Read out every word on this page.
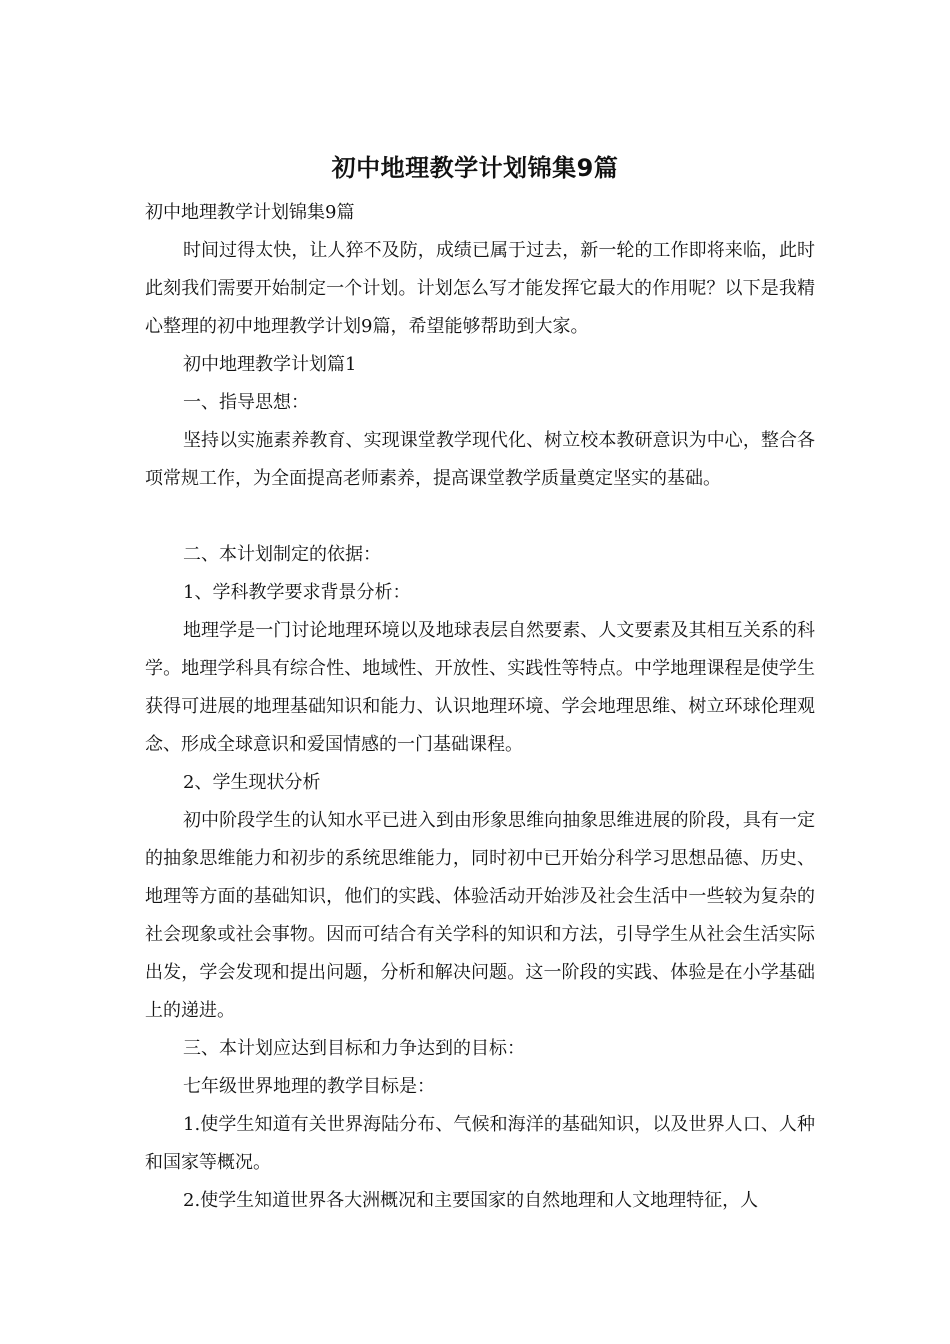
初中地理教学计划锦集9篇

初中地理教学计划锦集9篇

时间过得太快，让人猝不及防，成绩已属于过去，新一轮的工作即将来临，此时此刻我们需要开始制定一个计划。计划怎么写才能发挥它最大的作用呢？以下是我精心整理的初中地理教学计划9篇，希望能够帮助到大家。

初中地理教学计划篇1

一、指导思想：

坚持以实施素养教育、实现课堂教学现代化、树立校本教研意识为中心，整合各项常规工作，为全面提高老师素养，提高课堂教学质量奠定坚实的基础。

二、本计划制定的依据：

1、学科教学要求背景分析：

地理学是一门讨论地理环境以及地球表层自然要素、人文要素及其相互关系的科学。地理学科具有综合性、地域性、开放性、实践性等特点。中学地理课程是使学生获得可进展的地理基础知识和能力、认识地理环境、学会地理思维、树立环球伦理观念、形成全球意识和爱国情感的一门基础课程。

2、学生现状分析

初中阶段学生的认知水平已进入到由形象思维向抽象思维进展的阶段，具有一定的抽象思维能力和初步的系统思维能力，同时初中已开始分科学习思想品德、历史、地理等方面的基础知识，他们的实践、体验活动开始涉及社会生活中一些较为复杂的社会现象或社会事物。因而可结合有关学科的知识和方法，引导学生从社会生活实际出发，学会发现和提出问题，分析和解决问题。这一阶段的实践、体验是在小学基础上的递进。

三、本计划应达到目标和力争达到的目标：

七年级世界地理的教学目标是：

1.使学生知道有关世界海陆分布、气候和海洋的基础知识，以及世界人口、人种和国家等概况。

2.使学生知道世界各大洲概况和主要国家的自然地理和人文地理特征，人
